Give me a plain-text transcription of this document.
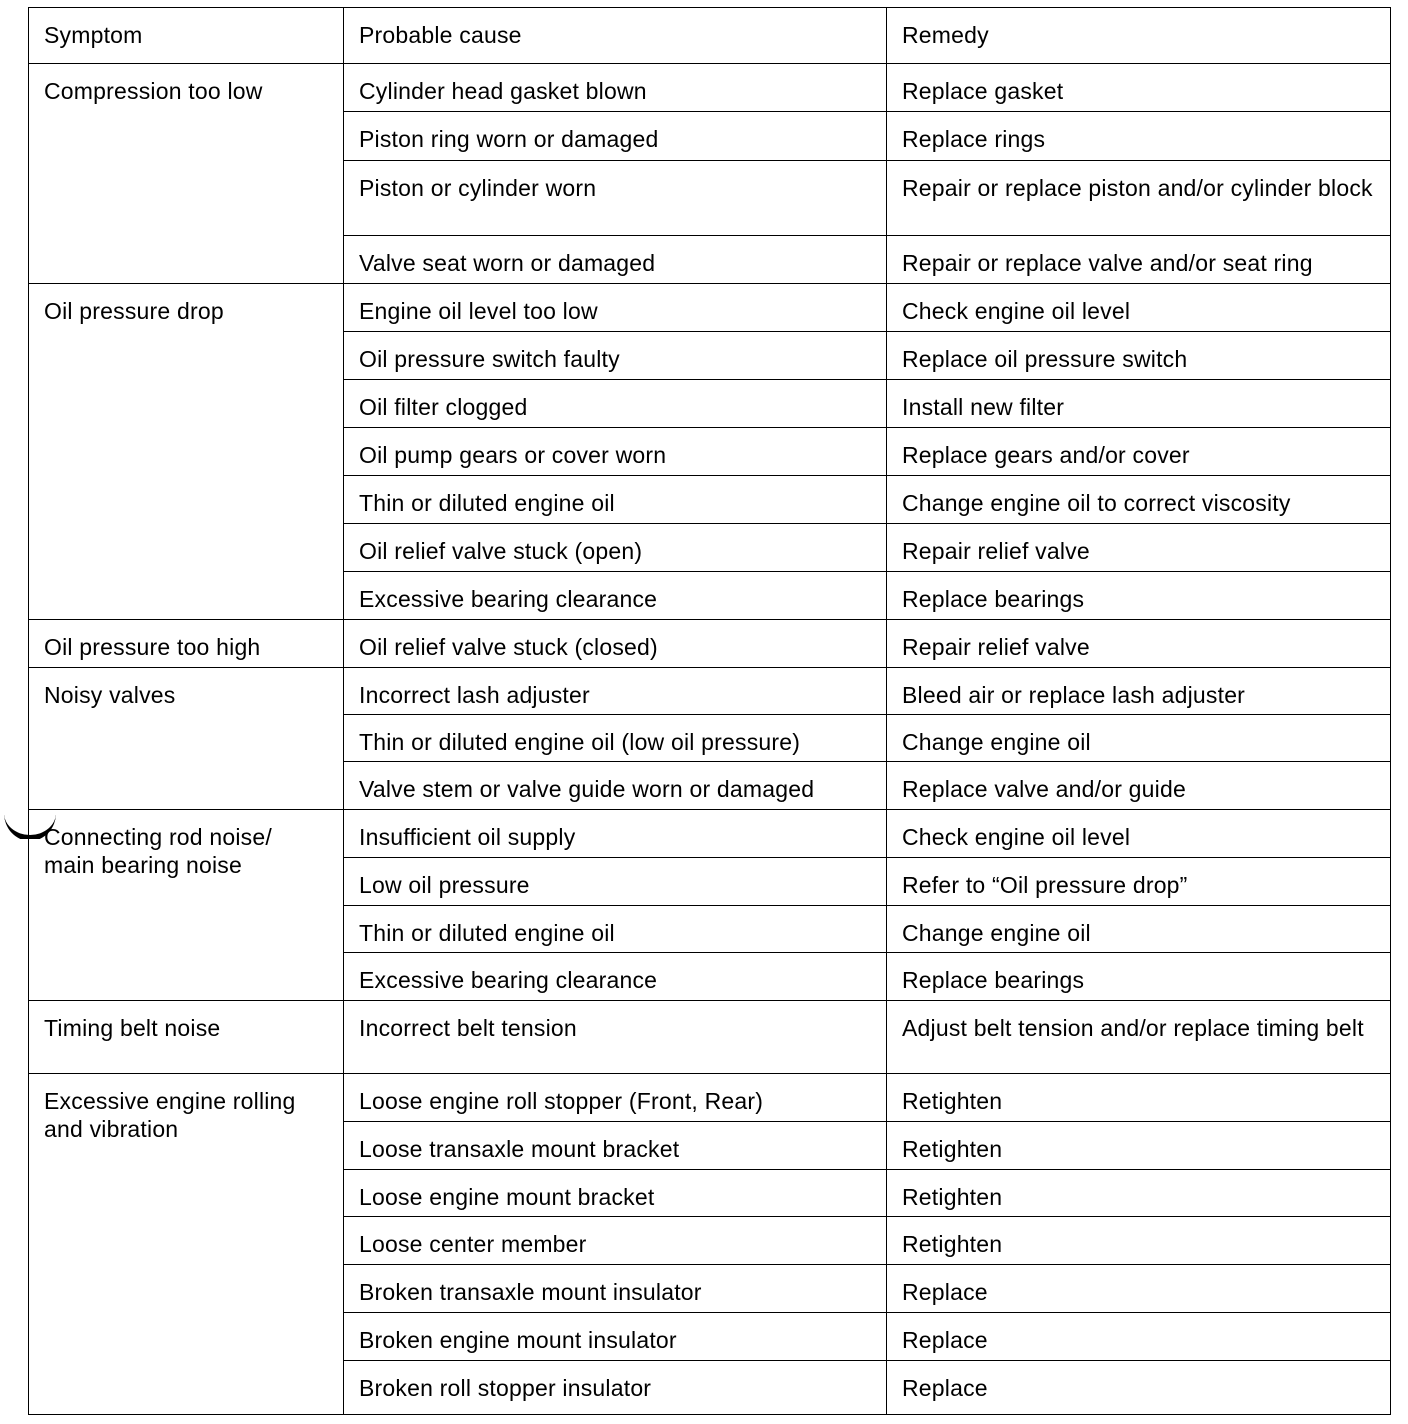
Symptom	Probable cause	Remedy
Compression too low	Cylinder head gasket blown	Replace gasket
	Piston ring worn or damaged	Replace rings
	Piston or cylinder worn	Repair or replace piston and/or cylinder block
	Valve seat worn or damaged	Repair or replace valve and/or seat ring
Oil pressure drop	Engine oil level too low	Check engine oil level
	Oil pressure switch faulty	Replace oil pressure switch
	Oil filter clogged	Install new filter
	Oil pump gears or cover worn	Replace gears and/or cover
	Thin or diluted engine oil	Change engine oil to correct viscosity
	Oil relief valve stuck (open)	Repair relief valve
	Excessive bearing clearance	Replace bearings
Oil pressure too high	Oil relief valve stuck (closed)	Repair relief valve
Noisy valves	Incorrect lash adjuster	Bleed air or replace lash adjuster
	Thin or diluted engine oil (low oil pressure)	Change engine oil
	Valve stem or valve guide worn or damaged	Replace valve and/or guide
Connecting rod noise/ main bearing noise	Insufficient oil supply	Check engine oil level
	Low oil pressure	Refer to “Oil pressure drop”
	Thin or diluted engine oil	Change engine oil
	Excessive bearing clearance	Replace bearings
Timing belt noise	Incorrect belt tension	Adjust belt tension and/or replace timing belt
Excessive engine rolling and vibration	Loose engine roll stopper (Front, Rear)	Retighten
	Loose transaxle mount bracket	Retighten
	Loose engine mount bracket	Retighten
	Loose center member	Retighten
	Broken transaxle mount insulator	Replace
	Broken engine mount insulator	Replace
	Broken roll stopper insulator	Replace
